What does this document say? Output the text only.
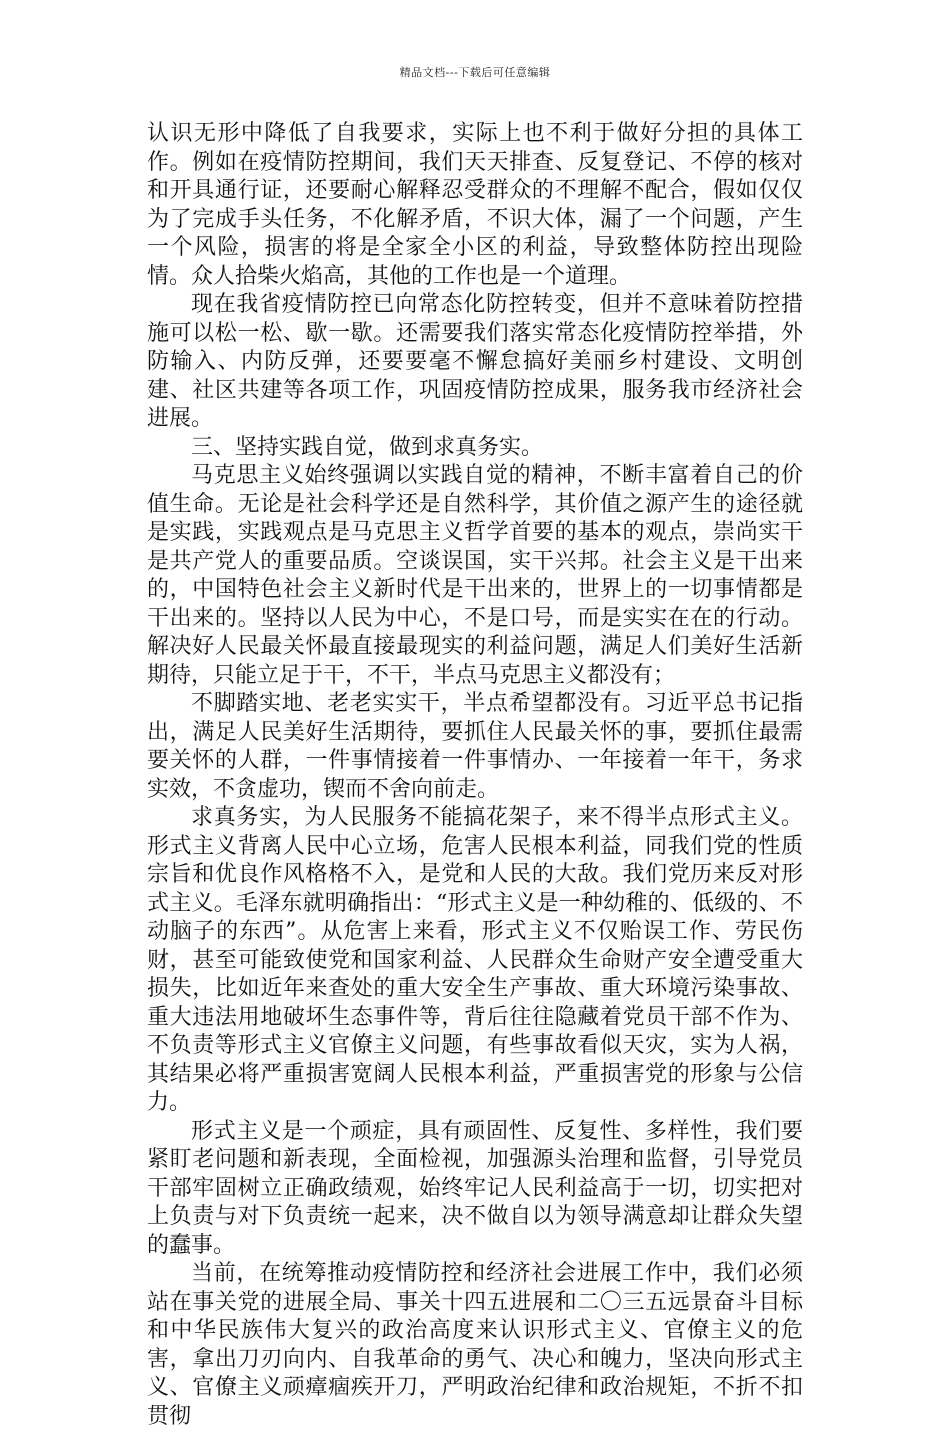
精品文档---下载后可任意编辑

认识无形中降低了自我要求，实际上也不利于做好分担的具体工作。例如在疫情防控期间，我们天天排查、反复登记、不停的核对和开具通行证，还要耐心解释忍受群众的不理解不配合，假如仅仅为了完成手头任务，不化解矛盾，不识大体，漏了一个问题，产生一个风险，损害的将是全家全小区的利益，导致整体防控出现险情。众人拾柴火焰高，其他的工作也是一个道理。

现在我省疫情防控已向常态化防控转变，但并不意味着防控措施可以松一松、歇一歇。还需要我们落实常态化疫情防控举措，外防输入、内防反弹，还要要毫不懈怠搞好美丽乡村建设、文明创建、社区共建等各项工作，巩固疫情防控成果，服务我市经济社会进展。

三、坚持实践自觉，做到求真务实。

马克思主义始终强调以实践自觉的精神，不断丰富着自己的价值生命。无论是社会科学还是自然科学，其价值之源产生的途径就是实践，实践观点是马克思主义哲学首要的基本的观点，崇尚实干是共产党人的重要品质。空谈误国，实干兴邦。社会主义是干出来的，中国特色社会主义新时代是干出来的，世界上的一切事情都是干出来的。坚持以人民为中心，不是口号，而是实实在在的行动。解决好人民最关怀最直接最现实的利益问题，满足人们美好生活新期待，只能立足于干，不干，半点马克思主义都没有；

不脚踏实地、老老实实干，半点希望都没有。习近平总书记指出，满足人民美好生活期待，要抓住人民最关怀的事，要抓住最需要关怀的人群，一件事情接着一件事情办、一年接着一年干，务求实效，不贪虚功，锲而不舍向前走。

求真务实，为人民服务不能搞花架子，来不得半点形式主义。形式主义背离人民中心立场，危害人民根本利益，同我们党的性质宗旨和优良作风格格不入，是党和人民的大敌。我们党历来反对形式主义。毛泽东就明确指出：“形式主义是一种幼稚的、低级的、不动脑子的东西”。从危害上来看，形式主义不仅贻误工作、劳民伤财，甚至可能致使党和国家利益、人民群众生命财产安全遭受重大损失，比如近年来查处的重大安全生产事故、重大环境污染事故、重大违法用地破坏生态事件等，背后往往隐藏着党员干部不作为、不负责等形式主义官僚主义问题，有些事故看似天灾，实为人祸，其结果必将严重损害宽阔人民根本利益，严重损害党的形象与公信力。

形式主义是一个顽症，具有顽固性、反复性、多样性，我们要紧盯老问题和新表现，全面检视，加强源头治理和监督，引导党员干部牢固树立正确政绩观，始终牢记人民利益高于一切，切实把对上负责与对下负责统一起来，决不做自以为领导满意却让群众失望的蠢事。

当前，在统筹推动疫情防控和经济社会进展工作中，我们必须站在事关党的进展全局、事关十四五进展和二〇三五远景奋斗目标和中华民族伟大复兴的政治高度来认识形式主义、官僚主义的危害，拿出刀刃向内、自我革命的勇气、决心和魄力，坚决向形式主义、官僚主义顽瘴痼疾开刀，严明政治纪律和政治规矩，不折不扣贯彻
